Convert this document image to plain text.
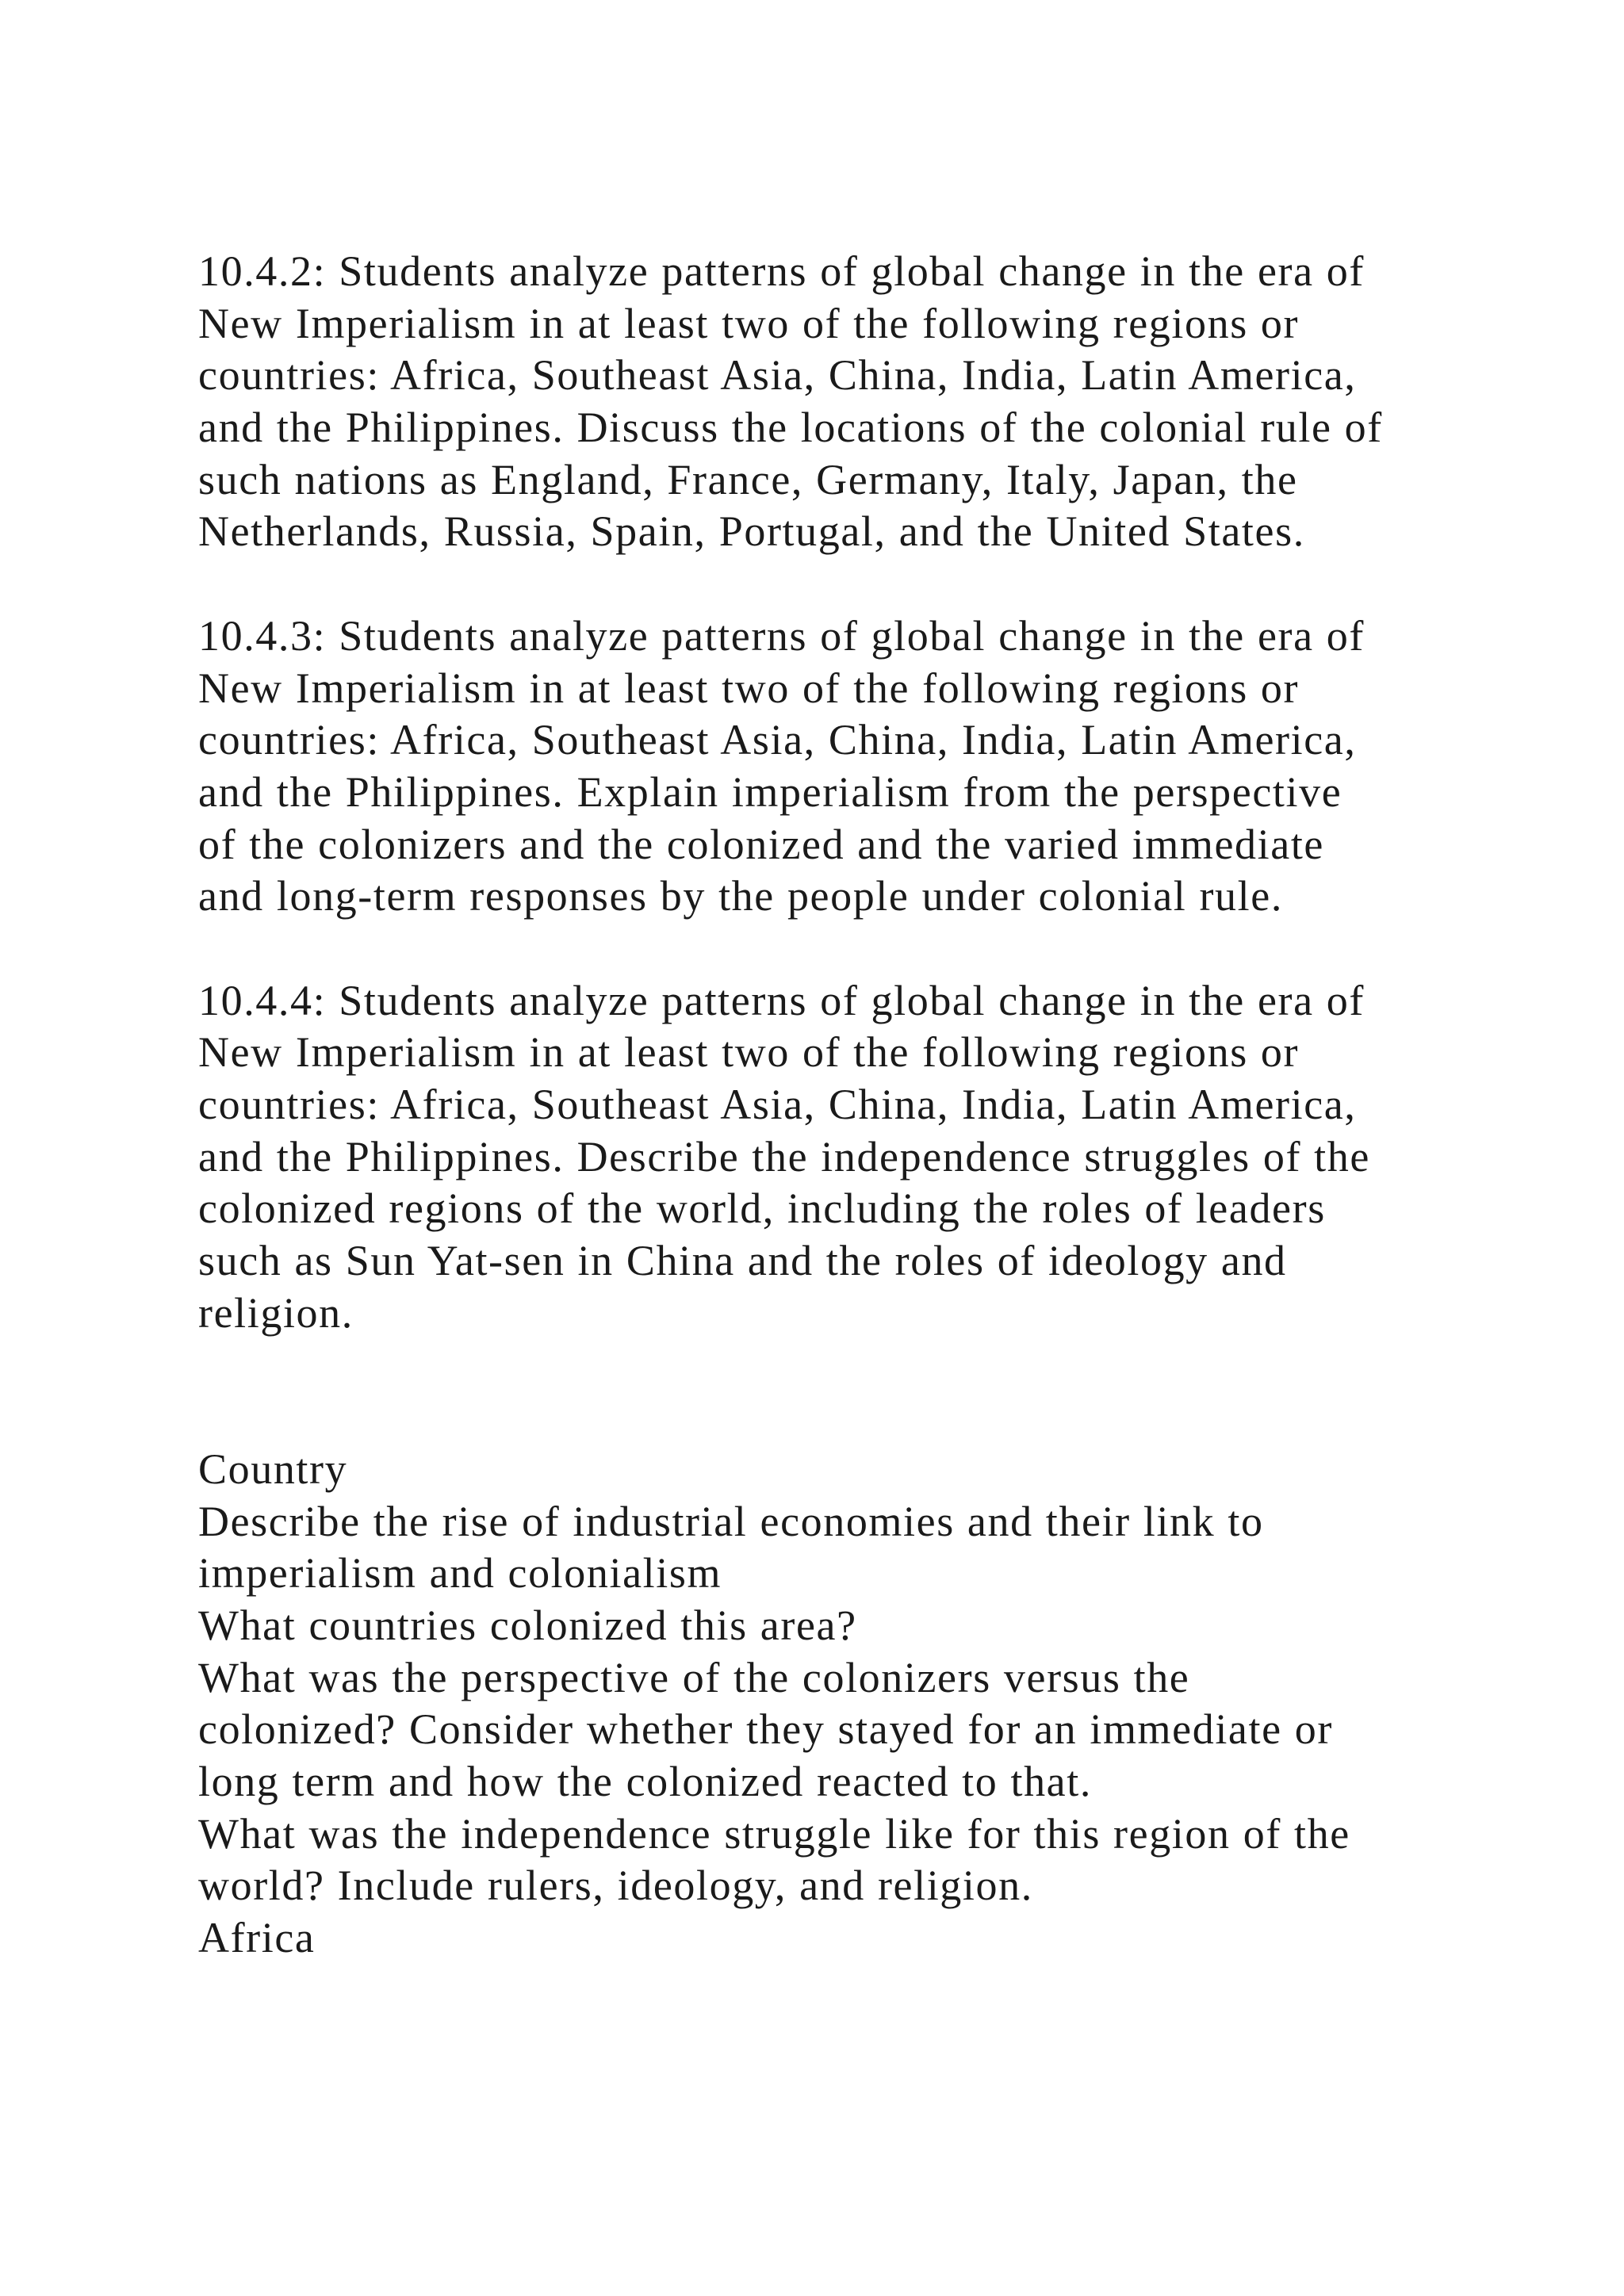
10.4.2: Students analyze patterns of global change in the era of
New Imperialism in at least two of the following regions or
countries: Africa, Southeast Asia, China, India, Latin America,
and the Philippines. Discuss the locations of the colonial rule of
such nations as England, France, Germany, Italy, Japan, the
Netherlands, Russia, Spain, Portugal, and the United States.
10.4.3: Students analyze patterns of global change in the era of
New Imperialism in at least two of the following regions or
countries: Africa, Southeast Asia, China, India, Latin America,
and the Philippines. Explain imperialism from the perspective
of the colonizers and the colonized and the varied immediate
and long-term responses by the people under colonial rule.
10.4.4: Students analyze patterns of global change in the era of
New Imperialism in at least two of the following regions or
countries: Africa, Southeast Asia, China, India, Latin America,
and the Philippines. Describe the independence struggles of the
colonized regions of the world, including the roles of leaders
such as Sun Yat-sen in China and the roles of ideology and
religion.
Country
Describe the rise of industrial economies and their link to
imperialism and colonialism
What countries colonized this area?
What was the perspective of the colonizers versus the
colonized? Consider whether they stayed for an immediate or
long term and how the colonized reacted to that.
What was the independence struggle like for this region of the
world? Include rulers, ideology, and religion.
Africa
